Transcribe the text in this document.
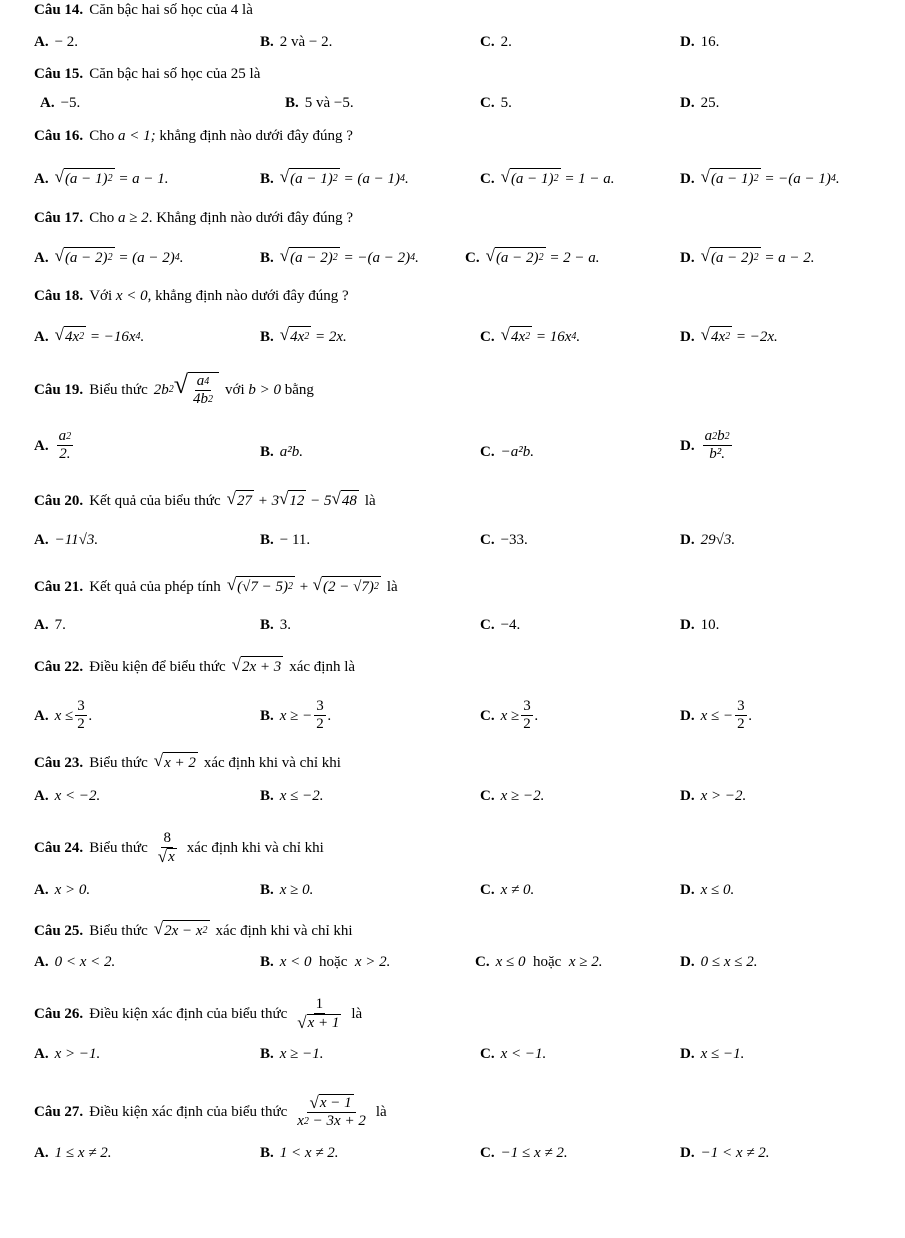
Câu 14. Căn bậc hai số học của 4 là
A. − 2.	B. 2 và − 2.	C. 2.	D. 16.
Câu 15. Căn bậc hai số học của 25 là
A. −5.	B. 5 và −5.	C. 5.	D. 25.
Câu 16. Cho
a < 1;
khẳng định nào dưới đây đúng ?
A. √ (a − 1) 2
= a − 1.	B. √ (a − 1) 2
= (a − 1) 4 .	C. √ (a − 1) 2
= 1 − a.	D. √ (a − 1) 2
= −(a − 1) 4 .
Câu 17. Cho
a ≥ 2 . Khẳng định nào dưới đây đúng ?
A. √ (a − 2) 2
= (a − 2) 4 .	B. √ (a − 2) 2
= −(a − 2) 4 .	C. √ (a − 2) 2
= 2 − a.	D. √ (a − 2) 2
= a − 2.
Câu 18. Với
x < 0 , khẳng định nào dưới đây đúng ?
A. √ 4x 2
= −16x 4 .	B. √ 4x 2
= 2x.	C. √ 4x 2
= 16x 4 .	D. √ 4x 2
= −2x.
Câu 19. Biểu thức 2b 2 √ a 4
4b 2
với
b > 0
bằng
A.
a 2
2.	B. a²b.	C. −a²b.	D.
a 2 b 2
b².
Câu 20. Kết quả của biểu thức √ 27 + 3 √ 12 − 5 √ 48 là
A. −11√3.	B. − 11.	C. −33.	D. 29√3.
Câu 21. Kết quả của phép tính √ (√7 − 5) 2 + √ (2 − √7) 2 là
A. 7.	B. 3.	C. −4.	D. 10.
Câu 22. Điều kiện để biểu thức √ 2x + 3 xác định là
A. $x \le \frac{3}{2}$ .	B. x ≥ − $\frac{3}{2}$ .	C. $x \ge \frac{3}{2}$ .	D. x ≤ − $\frac{3}{2}$ .
Câu 23. Biểu thức √ x + 2 xác định khi và chỉ khi
A. x < −2.	B. x ≤ −2.	C. x ≥ −2.	D. x > −2.
Câu 24. Biểu thức
8
√ x
xác định khi và chỉ khi
A. x > 0.	B. x ≥ 0.	C. x ≠ 0.	D. x ≤ 0.
Câu 25. Biểu thức √ 2x − x 2 xác định khi và chỉ khi
A. 0 < x < 2.	B. x < 0
hoặc
x > 2.	C. x ≤ 0
hoặc
x ≥ 2.	D. 0 ≤ x ≤ 2.
Câu 26. Điều kiện xác định của biểu thức
1
√ x + 1
là
A. x > −1.	B. x ≥ −1.	C. x < −1.	D. x ≤ −1.
Câu 27. Điều kiện xác định của biểu thức √ x − 1
x 2 − 3x + 2
là
A. 1 ≤ x ≠ 2.	B. 1 < x ≠ 2.	C. −1 ≤ x ≠ 2.	D. −1 < x ≠ 2.
